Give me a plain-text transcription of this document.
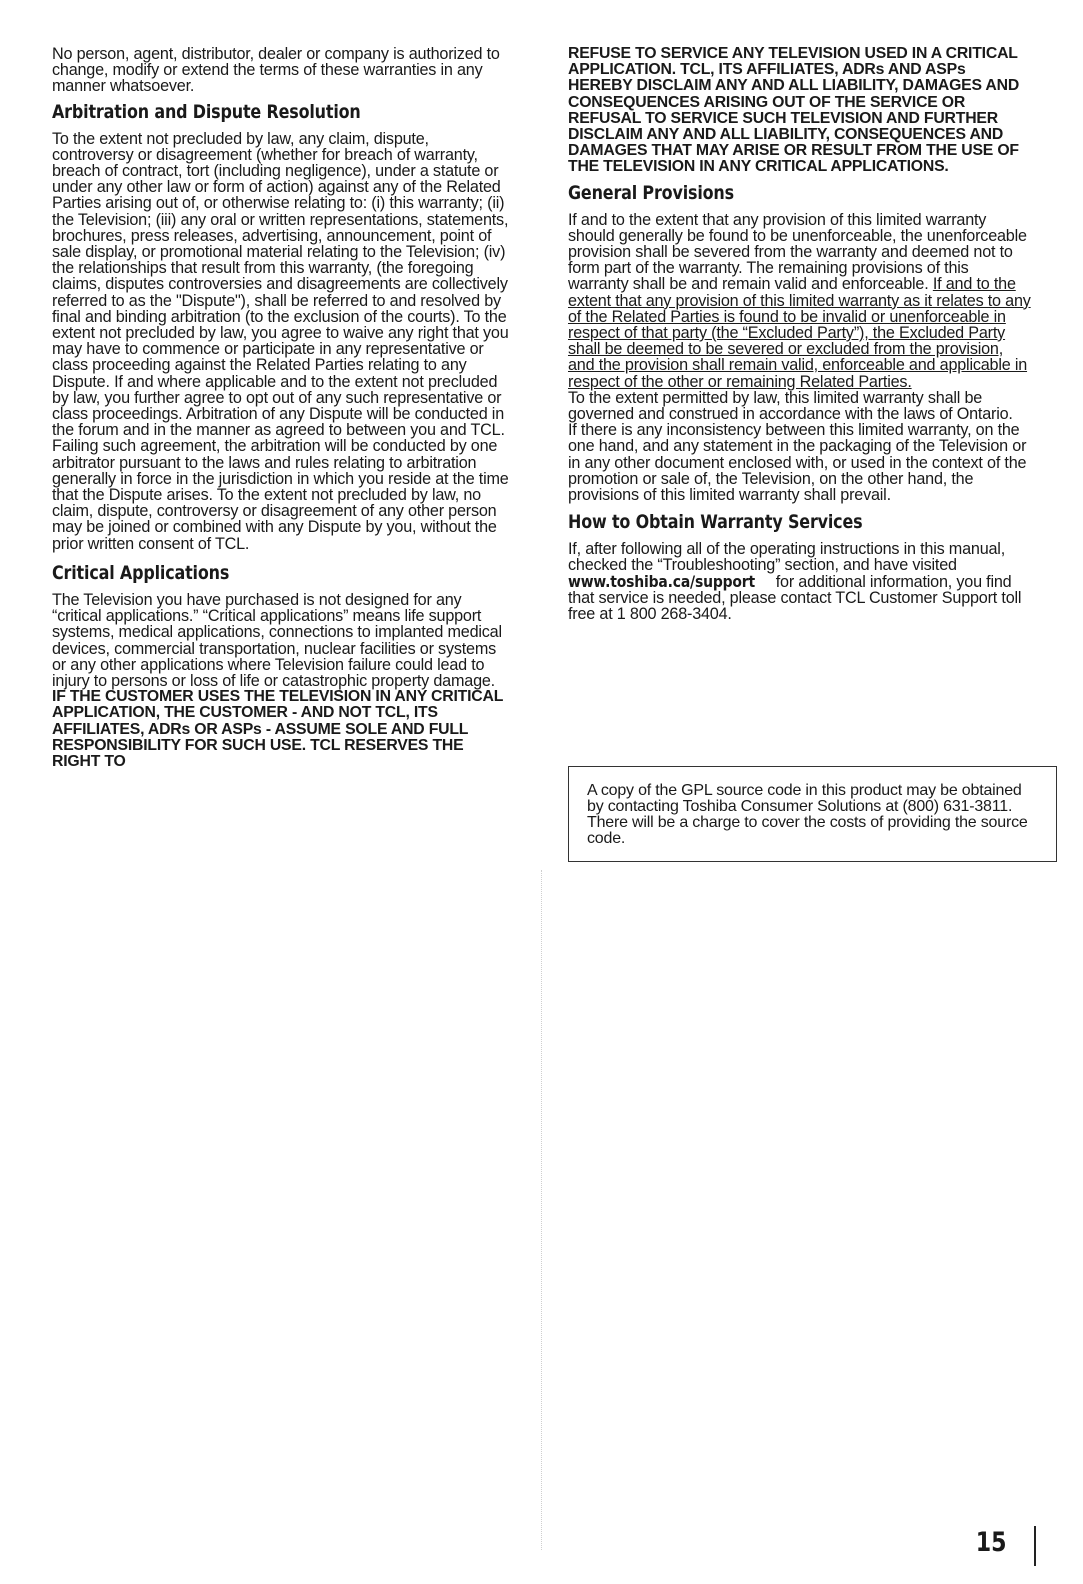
No person, agent, distributor, dealer or company is authorized to change, modify or extend the terms of these warranties in any manner whatsoever.

Arbitration and Dispute Resolution

To the extent not precluded by law, any claim, dispute, controversy or disagreement (whether for breach of warranty, breach of contract, tort (including negligence), under a statute or under any other law or form of action) against any of the Related Parties arising out of, or otherwise relating to: (i) this warranty; (ii) the Television; (iii) any oral or written representations, statements, brochures, press releases, advertising, announcement, point of sale display, or promotional material relating to the Television; (iv) the relationships that result from this warranty, (the foregoing claims, disputes controversies and disagreements are collectively referred to as the "Dispute"), shall be referred to and resolved by final and binding arbitration (to the exclusion of the courts). To the extent not precluded by law, you agree to waive any right that you may have to commence or participate in any representative or class proceeding against the Related Parties relating to any Dispute. If and where applicable and to the extent not precluded by law, you further agree to opt out of any such representative or class proceedings. Arbitration of any Dispute will be conducted in the forum and in the manner as agreed to between you and TCL. Failing such agreement, the arbitration will be conducted by one arbitrator pursuant to the laws and rules relating to arbitration generally in force in the jurisdiction in which you reside at the time that the Dispute arises. To the extent not precluded by law, no claim, dispute, controversy or disagreement of any other person may be joined or combined with any Dispute by you, without the prior written consent of TCL.

Critical Applications

The Television you have purchased is not designed for any “critical applications.” “Critical applications” means life support systems, medical applications, connections to implanted medical devices, commercial transportation, nuclear facilities or systems or any other applications where Television failure could lead to injury to persons or loss of life or catastrophic property damage.

IF THE CUSTOMER USES THE TELEVISION IN ANY CRITICAL APPLICATION, THE CUSTOMER - AND NOT TCL, ITS AFFILIATES, ADRs OR ASPs - ASSUME SOLE AND FULL RESPONSIBILITY FOR SUCH USE. TCL RESERVES THE RIGHT TO

REFUSE TO SERVICE ANY TELEVISION USED IN A CRITICAL APPLICATION. TCL, ITS AFFILIATES, ADRs AND ASPs HEREBY DISCLAIM ANY AND ALL LIABILITY, DAMAGES AND CONSEQUENCES ARISING OUT OF THE SERVICE OR REFUSAL TO SERVICE SUCH TELEVISION AND FURTHER DISCLAIM ANY AND ALL LIABILITY, CONSEQUENCES AND DAMAGES THAT MAY ARISE OR RESULT FROM THE USE OF THE TELEVISION IN ANY CRITICAL APPLICATIONS.

General Provisions

If and to the extent that any provision of this limited warranty should generally be found to be unenforceable, the unenforceable provision shall be severed from the warranty and deemed not to form part of the warranty. The remaining provisions of this warranty shall be and remain valid and enforceable. If and to the extent that any provision of this limited warranty as it relates to any of the Related Parties is found to be invalid or unenforceable in respect of that party (the “Excluded Party”), the Excluded Party shall be deemed to be severed or excluded from the provision, and the provision shall remain valid, enforceable and applicable in respect of the other or remaining Related Parties.

To the extent permitted by law, this limited warranty shall be governed and construed in accordance with the laws of Ontario.

If there is any inconsistency between this limited warranty, on the one hand, and any statement in the packaging of the Television or in any other document enclosed with, or used in the context of the promotion or sale of, the Television, on the other hand, the provisions of this limited warranty shall prevail.

How to Obtain Warranty Services

If, after following all of the operating instructions in this manual, checked the “Troubleshooting” section, and have visited www.toshiba.ca/support for additional information, you find that service is needed, please contact TCL Customer Support toll free at 1 800 268-3404.

A copy of the GPL source code in this product may be obtained by contacting Toshiba Consumer Solutions at (800) 631-3811. There will be a charge to cover the costs of providing the source code.

15
